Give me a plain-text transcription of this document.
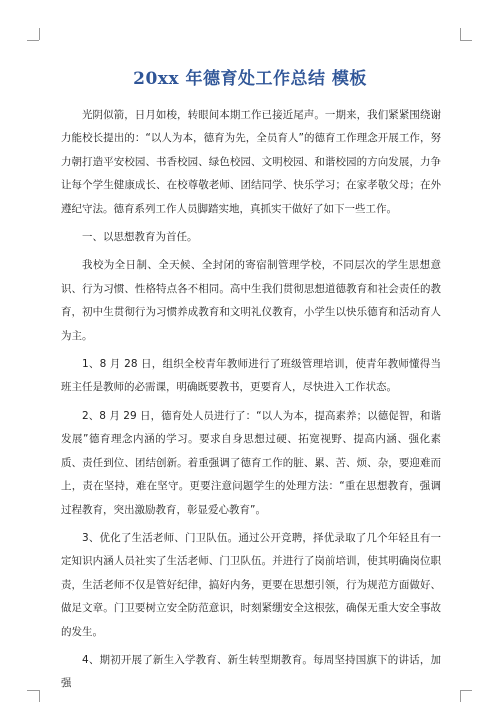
20xx 年德育处工作总结 模板

光阴似箭，日月如梭，转眼间本期工作已接近尾声。一期来，我们紧紧围绕谢力能校长提出的：“以人为本，德育为先，全员育人”的德育工作理念开展工作，努力朝打造平安校园、书香校园、绿色校园、文明校园、和谐校园的方向发展，力争让每个学生健康成长、在校尊敬老师、团结同学、快乐学习；在家孝敬父母；在外遵纪守法。德育系列工作人员脚踏实地，真抓实干做好了如下一些工作。

一、以思想教育为首任。

我校为全日制、全天候、全封闭的寄宿制管理学校，不同层次的学生思想意识、行为习惯、性格特点各不相同。高中生我们贯彻思想道德教育和社会责任的教育，初中生贯彻行为习惯养成教育和文明礼仪教育，小学生以快乐德育和活动育人为主。

1、8 月 28 日，组织全校青年教师进行了班级管理培训，使青年教师懂得当班主任是教师的必需课，明确既要教书，更要育人，尽快进入工作状态。

2、8 月 29 日，德育处人员进行了：“以人为本，提高素养；以德促智，和谐发展”德育理念内涵的学习。要求自身思想过硬、拓宽视野、提高内涵、强化素质、责任到位、团结创新。着重强调了德育工作的脏、累、苦、烦、杂，要迎难而上，责在坚持，难在坚守。更要注意问题学生的处理方法：“重在思想教育，强调过程教育，突出激励教育，彰显爱心教育”。

3、优化了生活老师、门卫队伍。通过公开竞聘，择优录取了几个年轻且有一定知识内涵人员社实了生活老师、门卫队伍。并进行了岗前培训，使其明确岗位职责，生活老师不仅是管好纪律，搞好内务，更要在思想引领，行为规范方面做好、做足文章。门卫要树立安全防范意识，时刻紧绷安全这根弦，确保无重大安全事故的发生。

4、期初开展了新生入学教育、新生转型期教育。每周坚持国旗下的讲话，加强
